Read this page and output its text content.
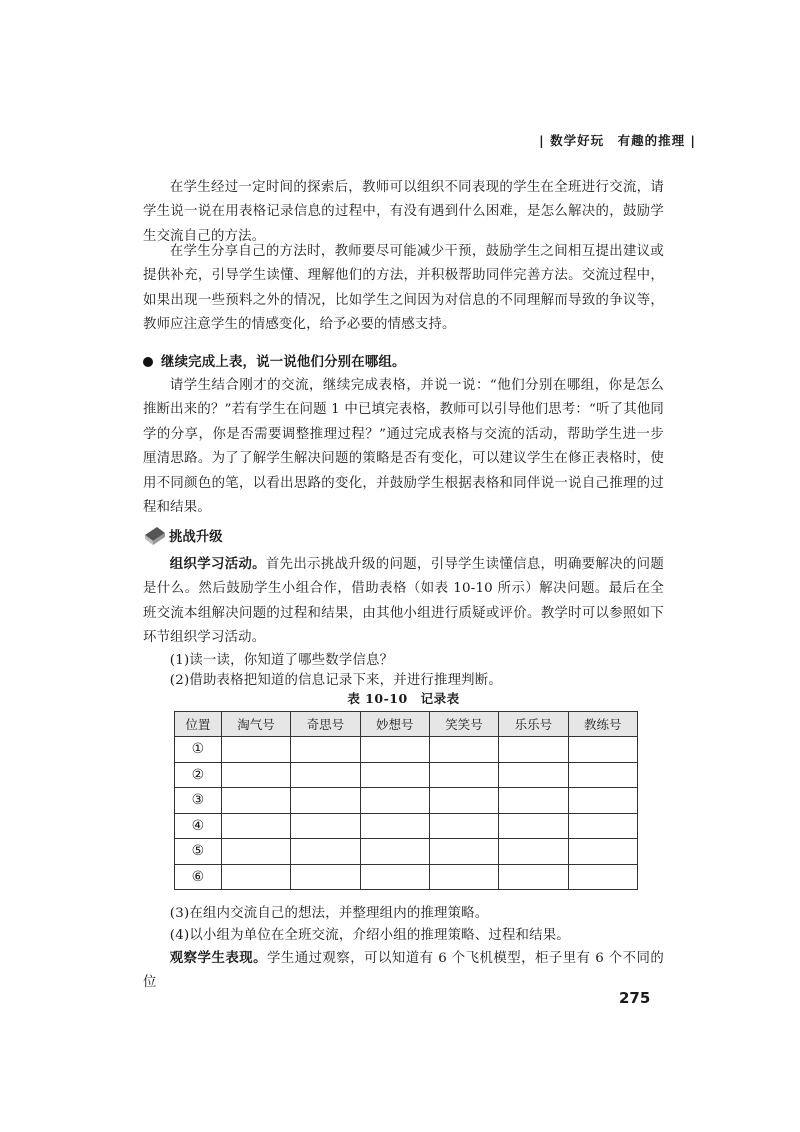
| 数学好玩　有趣的推理 |

在学生经过一定时间的探索后，教师可以组织不同表现的学生在全班进行交流，请学生说一说在用表格记录信息的过程中，有没有遇到什么困难，是怎么解决的，鼓励学生交流自己的方法。

在学生分享自己的方法时，教师要尽可能减少干预，鼓励学生之间相互提出建议或提供补充，引导学生读懂、理解他们的方法，并积极帮助同伴完善方法。交流过程中，如果出现一些预料之外的情况，比如学生之间因为对信息的不同理解而导致的争议等，教师应注意学生的情感变化，给予必要的情感支持。

继续完成上表，说一说他们分别在哪组。

请学生结合刚才的交流，继续完成表格，并说一说：“他们分别在哪组，你是怎么推断出来的？”若有学生在问题 1 中已填完表格，教师可以引导他们思考：“听了其他同学的分享，你是否需要调整推理过程？”通过完成表格与交流的活动，帮助学生进一步厘清思路。为了了解学生解决问题的策略是否有变化，可以建议学生在修正表格时，使用不同颜色的笔，以看出思路的变化，并鼓励学生根据表格和同伴说一说自己推理的过程和结果。

挑战升级

组织学习活动。首先出示挑战升级的问题，引导学生读懂信息，明确要解决的问题是什么。然后鼓励学生小组合作，借助表格（如表 10-10 所示）解决问题。最后在全班交流本组解决问题的过程和结果，由其他小组进行质疑或评价。教学时可以参照如下环节组织学习活动。

(1)读一读，你知道了哪些数学信息？

(2)借助表格把知道的信息记录下来，并进行推理判断。

表 10-10　记录表
位置	淘气号	奇思号	妙想号	笑笑号	乐乐号	教练号
①						
②						
③						
④						
⑤						
⑥						

(3)在组内交流自己的想法，并整理组内的推理策略。

(4)以小组为单位在全班交流，介绍小组的推理策略、过程和结果。

观察学生表现。学生通过观察，可以知道有 6 个飞机模型，柜子里有 6 个不同的位

275
